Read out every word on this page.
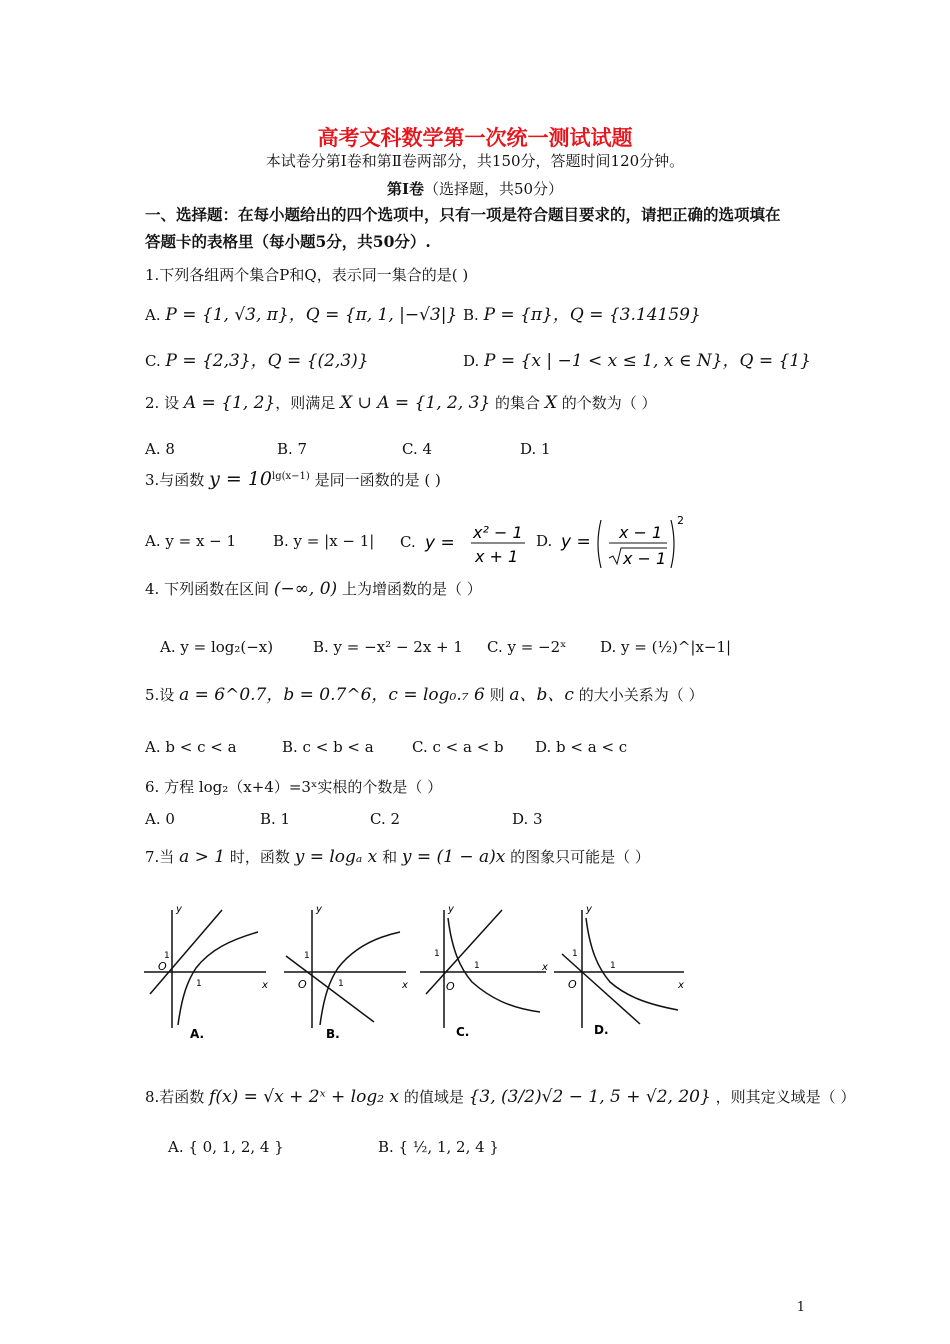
高考文科数学第一次统一测试试题
本试卷分第Ⅰ卷和第Ⅱ卷两部分，共150分，答题时间120分钟。
第Ⅰ卷（选择题，共50分）
一、选择题：在每小题给出的四个选项中，只有一项是符合题目要求的，请把正确的选项填在
答题卡的表格里（每小题5分，共50分）.
1.下列各组两个集合P和Q，表示同一集合的是( )
A. P = {1, √3, π}，Q = {π, 1, |−√3|} B. P = {π}，Q = {3.14159}
C. P = {2,3}，Q = {(2,3)}	D. P = {x | −1 < x ≤ 1, x ∈ N}，Q = {1}
2. 设 A = {1, 2}，则满足 X ∪ A = {1, 2, 3} 的集合 X 的个数为（ ）
A. 8	B. 7	C. 4	D. 1
3.与函数 $y = 10^{lg(x-1)}$ 是同一函数的是 ( )
A. y = x − 1 B. y = |x − 1| C. y =
x² − 1
x + 1
D. y = x − 1
x − 1
2
4. 下列函数在区间 (−∞, 0) 上为增函数的是（ ）
A. y = log₂(−x)	B. y = −x² − 2x + 1 C. y = −2ˣ D. y = (½)^|x−1|
5.设 a = 6^0.7，b = 0.7^6，c = log₀.₇ 6 则 a、b、c 的大小关系为（ ）
A. b < c < a	B. c < b < a	C. c < a < b D. b < a < c
6. 方程 log₂（x+4）=3ˣ实根的个数是（ ）
A. 0	B. 1	C. 2	D. 3
7.当 a > 1 时，函数 y = logₐ x 和 y = (1 − a)x 的图象只可能是（ ）
y
x
O
1
1
A.
y
x
O
1
1
B.
y
x
O
1
1
C.
y
x
O
1
1
D.
8.若函数 f(x) = √x + 2ˣ + log₂ x 的值域是 {3, (3/2)√2 − 1, 5 + √2, 20} ，则其定义域是（ ）
A. { 0, 1, 2, 4 }	B. { ½, 1, 2, 4 }
1
